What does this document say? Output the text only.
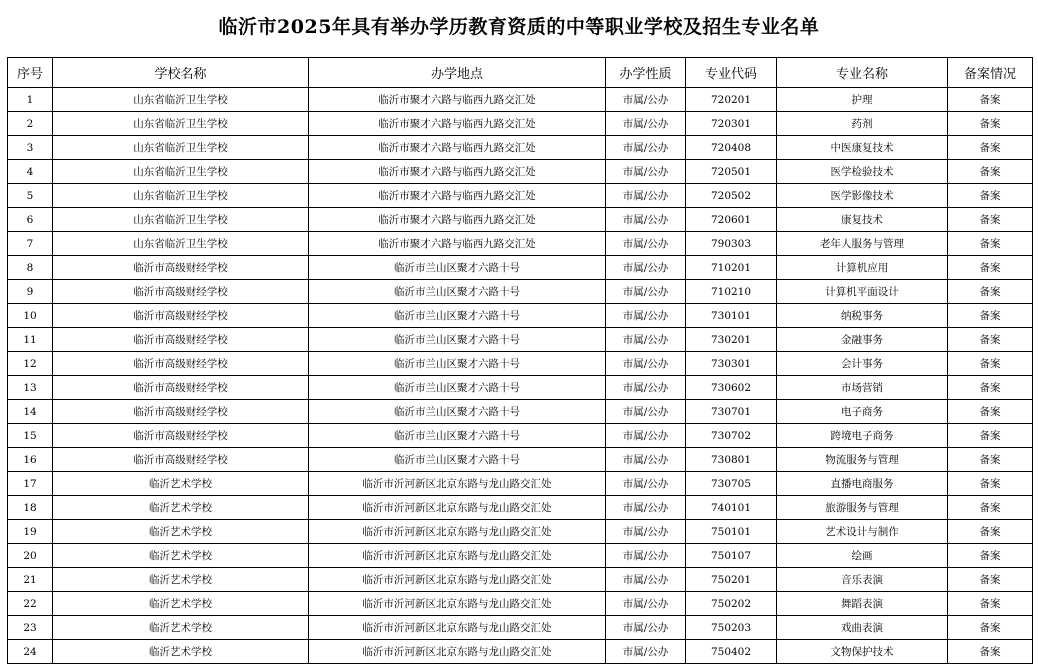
临沂市2025年具有举办学历教育资质的中等职业学校及招生专业名单
序号	学校名称	办学地点	办学性质	专业代码	专业名称	备案情况
1	山东省临沂卫生学校	临沂市聚才六路与临西九路交汇处	市属/公办	720201	护理	备案
2	山东省临沂卫生学校	临沂市聚才六路与临西九路交汇处	市属/公办	720301	药剂	备案
3	山东省临沂卫生学校	临沂市聚才六路与临西九路交汇处	市属/公办	720408	中医康复技术	备案
4	山东省临沂卫生学校	临沂市聚才六路与临西九路交汇处	市属/公办	720501	医学检验技术	备案
5	山东省临沂卫生学校	临沂市聚才六路与临西九路交汇处	市属/公办	720502	医学影像技术	备案
6	山东省临沂卫生学校	临沂市聚才六路与临西九路交汇处	市属/公办	720601	康复技术	备案
7	山东省临沂卫生学校	临沂市聚才六路与临西九路交汇处	市属/公办	790303	老年人服务与管理	备案
8	临沂市高级财经学校	临沂市兰山区聚才六路十号	市属/公办	710201	计算机应用	备案
9	临沂市高级财经学校	临沂市兰山区聚才六路十号	市属/公办	710210	计算机平面设计	备案
10	临沂市高级财经学校	临沂市兰山区聚才六路十号	市属/公办	730101	纳税事务	备案
11	临沂市高级财经学校	临沂市兰山区聚才六路十号	市属/公办	730201	金融事务	备案
12	临沂市高级财经学校	临沂市兰山区聚才六路十号	市属/公办	730301	会计事务	备案
13	临沂市高级财经学校	临沂市兰山区聚才六路十号	市属/公办	730602	市场营销	备案
14	临沂市高级财经学校	临沂市兰山区聚才六路十号	市属/公办	730701	电子商务	备案
15	临沂市高级财经学校	临沂市兰山区聚才六路十号	市属/公办	730702	跨境电子商务	备案
16	临沂市高级财经学校	临沂市兰山区聚才六路十号	市属/公办	730801	物流服务与管理	备案
17	临沂艺术学校	临沂市沂河新区北京东路与龙山路交汇处	市属/公办	730705	直播电商服务	备案
18	临沂艺术学校	临沂市沂河新区北京东路与龙山路交汇处	市属/公办	740101	旅游服务与管理	备案
19	临沂艺术学校	临沂市沂河新区北京东路与龙山路交汇处	市属/公办	750101	艺术设计与制作	备案
20	临沂艺术学校	临沂市沂河新区北京东路与龙山路交汇处	市属/公办	750107	绘画	备案
21	临沂艺术学校	临沂市沂河新区北京东路与龙山路交汇处	市属/公办	750201	音乐表演	备案
22	临沂艺术学校	临沂市沂河新区北京东路与龙山路交汇处	市属/公办	750202	舞蹈表演	备案
23	临沂艺术学校	临沂市沂河新区北京东路与龙山路交汇处	市属/公办	750203	戏曲表演	备案
24	临沂艺术学校	临沂市沂河新区北京东路与龙山路交汇处	市属/公办	750402	文物保护技术	备案
